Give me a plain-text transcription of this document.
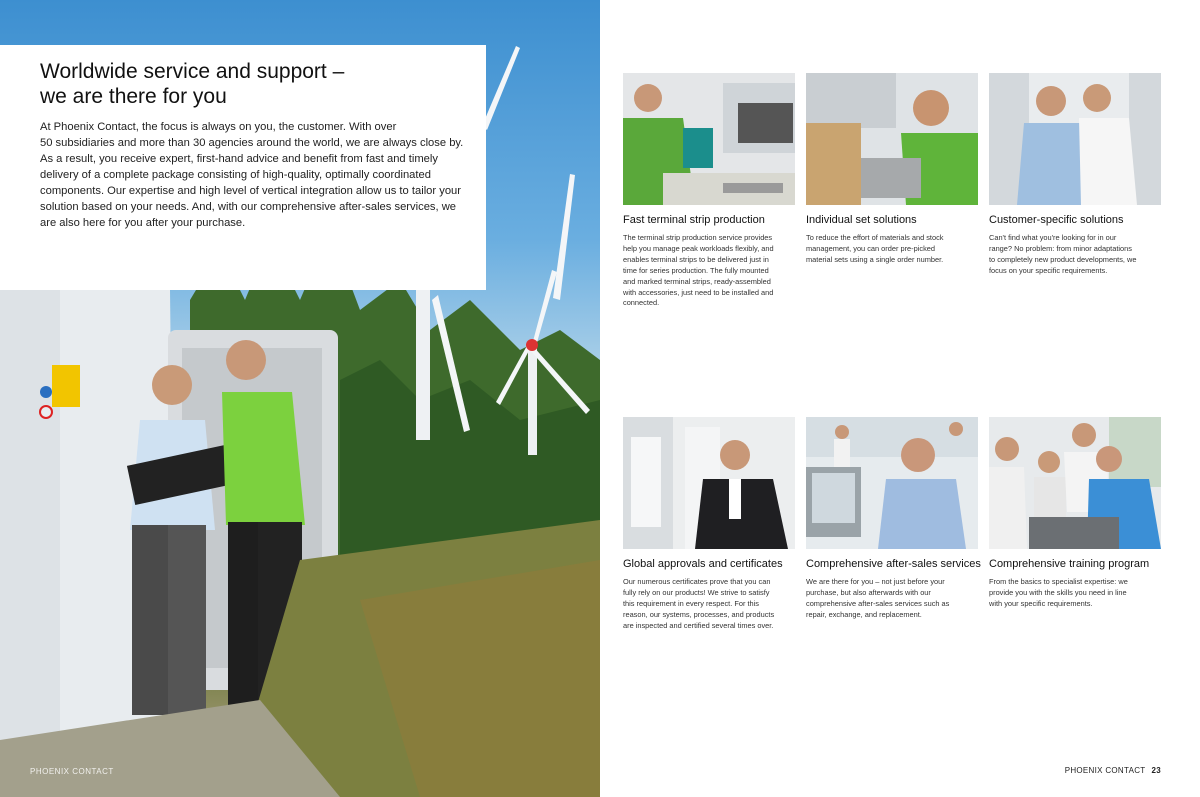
Worldwide service and support –
we are there for you

At Phoenix Contact, the focus is always on you, the customer. With over
50 subsidiaries and more than 30 agencies around the world, we are always close by.
As a result, you receive expert, first-hand advice and benefit from fast and timely
delivery of a complete package consisting of high-quality, optimally coordinated
components. Our expertise and high level of vertical integration allow us to tailor your
solution based on your needs. And, with our comprehensive after-sales services, we
are also here for you after your purchase.

PHOENIX CONTACT
Fast terminal strip production

The terminal strip production service provides
help you manage peak workloads flexibly, and
enables terminal strips to be delivered just in
time for series production. The fully mounted
and marked terminal strips, ready-assembled
with accessories, just need to be installed and
connected.

Individual set solutions

To reduce the effort of materials and stock
management, you can order pre-picked
material sets using a single order number.

Customer-specific solutions

Can't find what you're looking for in our
range? No problem: from minor adaptations
to completely new product developments, we
focus on your specific requirements.

Global approvals and certificates

Our numerous certificates prove that you can
fully rely on our products! We strive to satisfy
this requirement in every respect. For this
reason, our systems, processes, and products
are inspected and certified several times over.

Comprehensive after-sales services

We are there for you – not just before your
purchase, but also afterwards with our
comprehensive after-sales services such as
repair, exchange, and replacement.

Comprehensive training program

From the basics to specialist expertise: we
provide you with the skills you need in line
with your specific requirements.

PHOENIX CONTACT 23
